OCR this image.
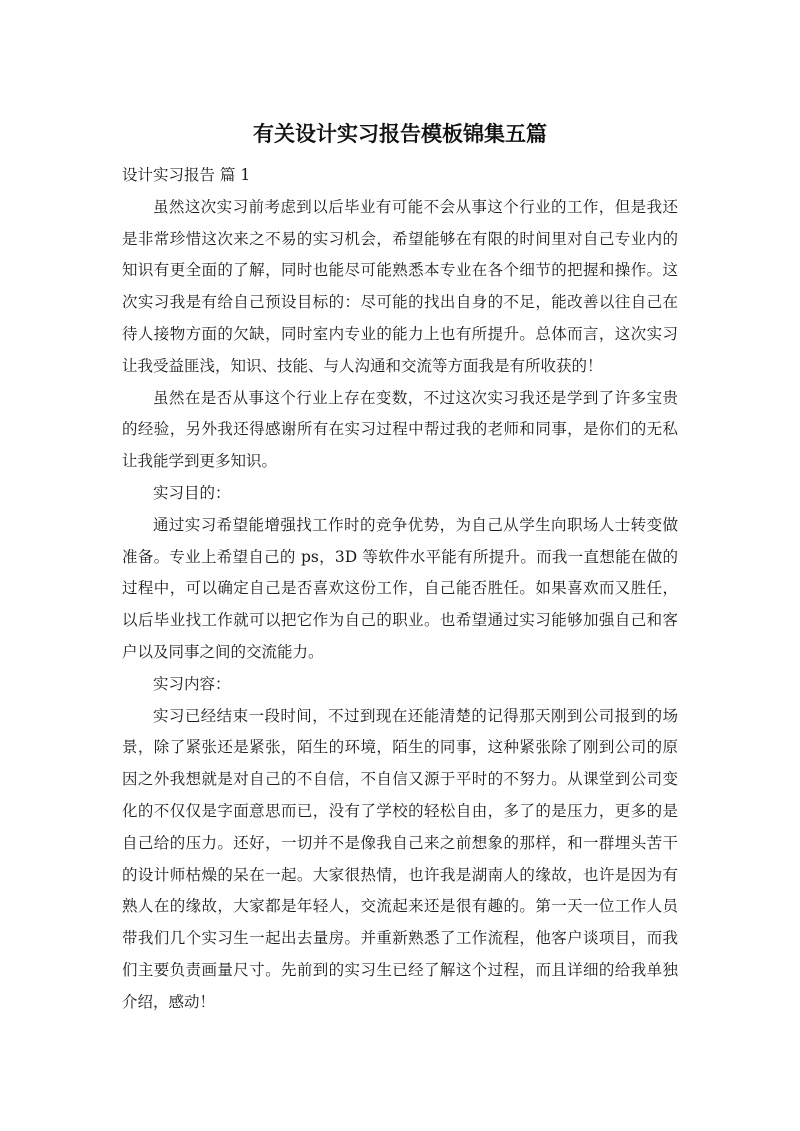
有关设计实习报告模板锦集五篇

设计实习报告 篇 1

虽然这次实习前考虑到以后毕业有可能不会从事这个行业的工作，但是我还是非常珍惜这次来之不易的实习机会，希望能够在有限的时间里对自己专业内的知识有更全面的了解，同时也能尽可能熟悉本专业在各个细节的把握和操作。这次实习我是有给自己预设目标的：尽可能的找出自身的不足，能改善以往自己在待人接物方面的欠缺，同时室内专业的能力上也有所提升。总体而言，这次实习让我受益匪浅，知识、技能、与人沟通和交流等方面我是有所收获的！

虽然在是否从事这个行业上存在变数，不过这次实习我还是学到了许多宝贵的经验，另外我还得感谢所有在实习过程中帮过我的老师和同事，是你们的无私让我能学到更多知识。

实习目的：

通过实习希望能增强找工作时的竞争优势，为自己从学生向职场人士转变做准备。专业上希望自己的 ps，3D 等软件水平能有所提升。而我一直想能在做的过程中，可以确定自己是否喜欢这份工作，自己能否胜任。如果喜欢而又胜任，以后毕业找工作就可以把它作为自己的职业。也希望通过实习能够加强自己和客户以及同事之间的交流能力。

实习内容：

实习已经结束一段时间，不过到现在还能清楚的记得那天刚到公司报到的场景，除了紧张还是紧张，陌生的环境，陌生的同事，这种紧张除了刚到公司的原因之外我想就是对自己的不自信，不自信又源于平时的不努力。从课堂到公司变化的不仅仅是字面意思而已，没有了学校的轻松自由，多了的是压力，更多的是自己给的压力。还好，一切并不是像我自己来之前想象的那样，和一群埋头苦干的设计师枯燥的呆在一起。大家很热情，也许我是湖南人的缘故，也许是因为有熟人在的缘故，大家都是年轻人，交流起来还是很有趣的。第一天一位工作人员带我们几个实习生一起出去量房。并重新熟悉了工作流程，他客户谈项目，而我们主要负责画量尺寸。先前到的实习生已经了解这个过程，而且详细的给我单独介绍，感动！
